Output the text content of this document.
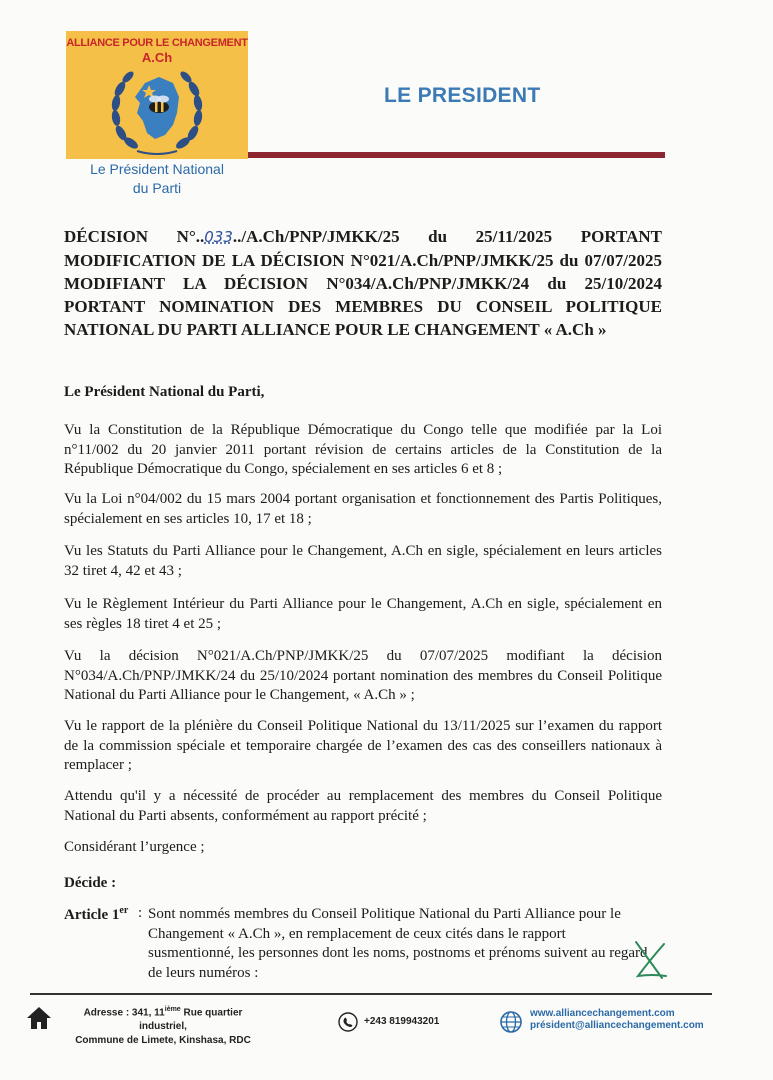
ALLIANCE POUR LE CHANGEMENT
A.Ch
Le Président National
du Parti
LE PRESIDENT

DÉCISION N°..033../A.Ch/PNP/JMKK/25 du 25/11/2025 PORTANT MODIFICATION DE LA DÉCISION N°021/A.Ch/PNP/JMKK/25 du 07/07/2025 MODIFIANT LA DÉCISION N°034/A.Ch/PNP/JMKK/24 du 25/10/2024 PORTANT NOMINATION DES MEMBRES DU CONSEIL POLITIQUE NATIONAL DU PARTI ALLIANCE POUR LE CHANGEMENT « A.Ch »

Le Président National du Parti,

Vu la Constitution de la République Démocratique du Congo telle que modifiée par la Loi n°11/002 du 20 janvier 2011 portant révision de certains articles de la Constitution de la République Démocratique du Congo, spécialement en ses articles 6 et 8 ;

Vu la Loi n°04/002 du 15 mars 2004 portant organisation et fonctionnement des Partis Politiques, spécialement en ses articles 10, 17 et 18 ;

Vu les Statuts du Parti Alliance pour le Changement, A.Ch en sigle, spécialement en leurs articles 32 tiret 4, 42 et 43 ;

Vu le Règlement Intérieur du Parti Alliance pour le Changement, A.Ch en sigle, spécialement en ses règles 18 tiret 4 et 25 ;

Vu la décision N°021/A.Ch/PNP/JMKK/25 du 07/07/2025 modifiant la décision N°034/A.Ch/PNP/JMKK/24 du 25/10/2024 portant nomination des membres du Conseil Politique National du Parti Alliance pour le Changement, « A.Ch » ;

Vu le rapport de la plénière du Conseil Politique National du 13/11/2025 sur l’examen du rapport de la commission spéciale et temporaire chargée de l’examen des cas des conseillers nationaux à remplacer ;

Attendu qu'il y a nécessité de procéder au remplacement des membres du Conseil Politique National du Parti absents, conformément au rapport précité ;

Considérant l’urgence ;

Décide :

Article 1er : Sont nommés membres du Conseil Politique National du Parti Alliance pour le Changement « A.Ch », en remplacement de ceux cités dans le rapport susmentionné, les personnes dont les noms, postnoms et prénoms suivent au regard de leurs numéros :

Adresse : 341, 11ième Rue quartier
industriel,
Commune de Limete, Kinshasa, RDC
+243 819943201
www.alliancechangement.com
président@alliancechangement.com
